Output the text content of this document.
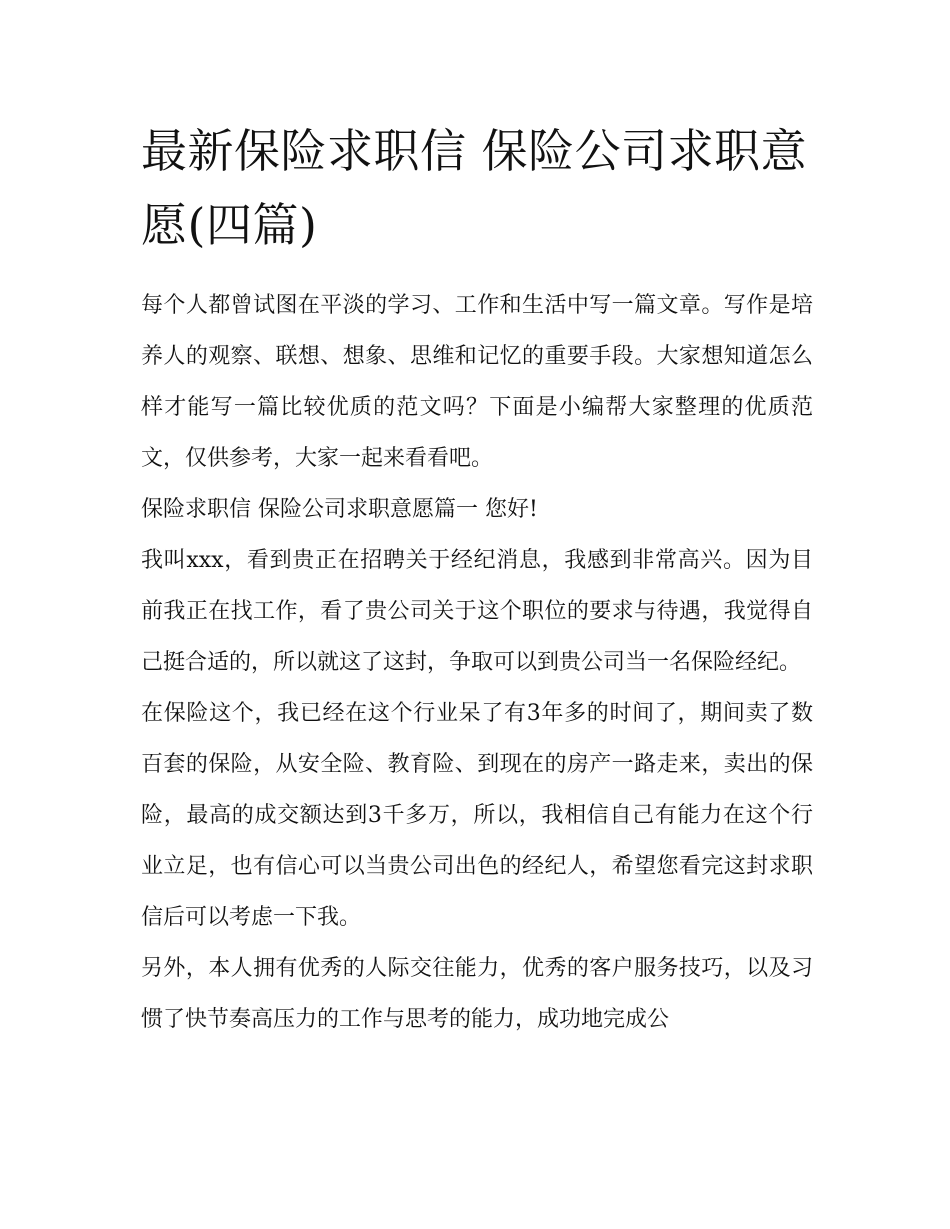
最新保险求职信 保险公司求职意愿(四篇)

每个人都曾试图在平淡的学习、工作和生活中写一篇文章。写作是培养人的观察、联想、想象、思维和记忆的重要手段。大家想知道怎么样才能写一篇比较优质的范文吗？下面是小编帮大家整理的优质范文，仅供参考，大家一起来看看吧。

保险求职信 保险公司求职意愿篇一 您好!

我叫xxx，看到贵正在招聘关于经纪消息，我感到非常高兴。因为目前我正在找工作，看了贵公司关于这个职位的要求与待遇，我觉得自己挺合适的，所以就这了这封，争取可以到贵公司当一名保险经纪。

在保险这个，我已经在这个行业呆了有3年多的时间了，期间卖了数百套的保险，从安全险、教育险、到现在的房产一路走来，卖出的保险，最高的成交额达到3千多万，所以，我相信自己有能力在这个行业立足，也有信心可以当贵公司出色的经纪人，希望您看完这封求职信后可以考虑一下我。

另外，本人拥有优秀的人际交往能力，优秀的客户服务技巧，以及习惯了快节奏高压力的工作与思考的能力，成功地完成公
